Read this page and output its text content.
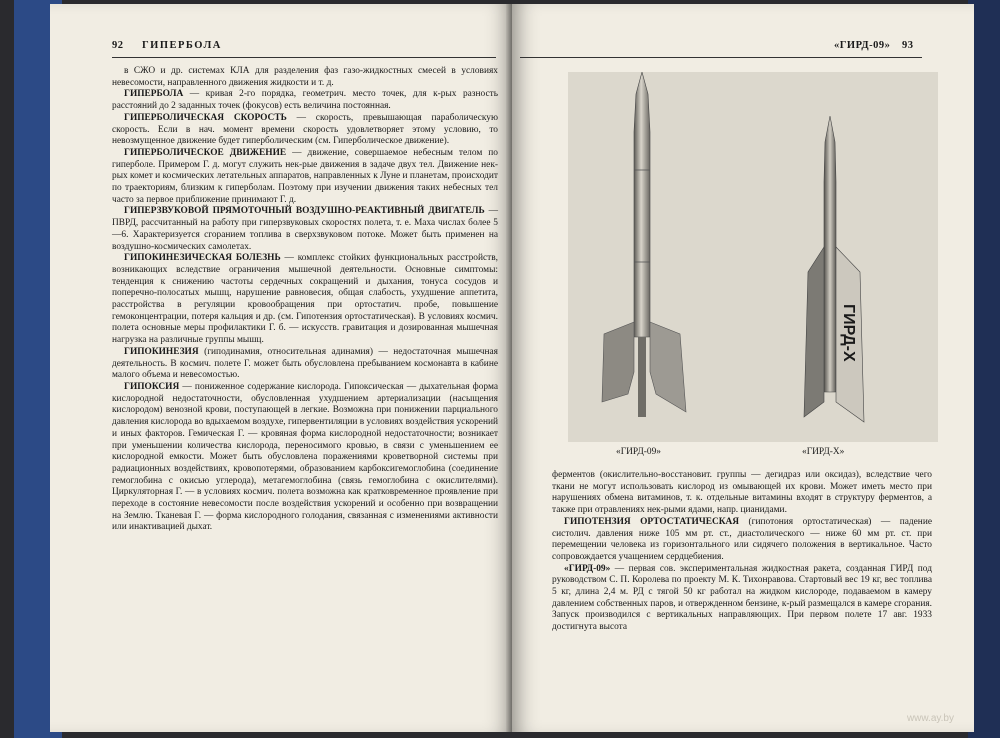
92 ГИПЕРБОЛА

в СЖО и др. системах КЛА для разделения фаз газо-жидкостных смесей в условиях невесомости, направленного движения жидкости и т. д.

ГИПЕРБОЛА — кривая 2-го порядка, геометрич. место точек, для к-рых разность расстояний до 2 заданных точек (фокусов) есть величина постоянная.

ГИПЕРБОЛИЧЕСКАЯ СКОРОСТЬ — скорость, превышающая параболическую скорость. Если в нач. момент времени скорость удовлетворяет этому условию, то невозмущенное движение будет гиперболическим (см. Гиперболическое движение).

ГИПЕРБОЛИЧЕСКОЕ ДВИЖЕНИЕ — движение, совершаемое небесным телом по гиперболе. Примером Г. д. могут служить нек-рые движения в задаче двух тел. Движение нек-рых комет и космических летательных аппаратов, направленных к Луне и планетам, происходит по траекториям, близким к гиперболам. Поэтому при изучении движения таких небесных тел часто за первое приближение принимают Г. д.

ГИПЕРЗВУКОВОЙ ПРЯМОТОЧНЫЙ ВОЗДУШНО-РЕАКТИВНЫЙ ДВИГАТЕЛЬ — ПВРД, рассчитанный на работу при гиперзвуковых скоростях полета, т. е. Маха числах более 5—6. Характеризуется сгоранием топлива в сверхзвуковом потоке. Может быть применен на воздушно-космических самолетах.

ГИПОКИНЕЗИЧЕСКАЯ БОЛЕЗНЬ — комплекс стойких функциональных расстройств, возникающих вследствие ограничения мышечной деятельности. Основные симптомы: тенденция к снижению частоты сердечных сокращений и дыхания, тонуса сосудов и поперечно-полосатых мышц, нарушение равновесия, общая слабость, ухудшение аппетита, расстройства в регуляции кровообращения при ортостатич. пробе, повышение гемоконцентрации, потеря кальция и др. (см. Гипотензия ортостатическая). В условиях космич. полета основные меры профилактики Г. б. — искусств. гравитация и дозированная мышечная нагрузка на различные группы мышц.

ГИПОКИНЕЗИЯ (гиподинамия, относительная адинамия) — недостаточная мышечная деятельность. В космич. полете Г. может быть обусловлена пребыванием космонавта в кабине малого объема и невесомостью.

ГИПОКСИЯ — пониженное содержание кислорода. Гипоксическая — дыхательная форма кислородной недостаточности, обусловленная ухудшением артериализации (насыщения кислородом) венозной крови, поступающей в легкие. Возможна при понижении парциального давления кислорода во вдыхаемом воздухе, гипервентиляции в условиях воздействия ускорений и иных факторов. Гемическая Г. — кровяная форма кислородной недостаточности; возникает при уменьшении количества кислорода, переносимого кровью, в связи с уменьшением ее кислородной емкости. Может быть обусловлена поражениями кроветворной системы при радиационных воздействиях, кровопотерями, образованием карбоксигемоглобина (соединение гемоглобина с окисью углерода), метагемоглобина (связь гемоглобина с окислителями). Циркуляторная Г. — в условиях космич. полета возможна как кратковременное проявление при переходе в состояние невесомости после воздействия ускорений и особенно при возвращении на Землю. Тканевая Г. — форма кислородного голодания, связанная с изменениями активности или инактивацией дыхат.

«ГИРД-09» 93
ГИРД-Х
«ГИРД-09»	«ГИРД-Х»

ферментов (окислительно-восстановит. группы — дегидраз или оксидаз), вследствие чего ткани не могут использовать кислород из омывающей их крови. Может иметь место при нарушениях обмена витаминов, т. к. отдельные витамины входят в структуру ферментов, а также при отравлениях нек-рыми ядами, напр. цианидами.

ГИПОТЕНЗИЯ ОРТОСТАТИЧЕСКАЯ (гипотония ортостатическая) — падение систолич. давления ниже 105 мм рт. ст., диастолического — ниже 60 мм рт. ст. при перемещении человека из горизонтального или сидячего положения в вертикальное. Часто сопровождается учащением сердцебиения.

«ГИРД-09» — первая сов. экспериментальная жидкостная ракета, созданная ГИРД под руководством С. П. Королева по проекту М. К. Тихонравова. Стартовый вес 19 кг, вес топлива 5 кг, длина 2,4 м. РД с тягой 50 кг работал на жидком кислороде, подаваемом в камеру давлением собственных паров, и отвержденном бензине, к-рый размещался в камере сгорания. Запуск производился с вертикальных направляющих. При первом полете 17 авг. 1933 достигнута высота

www.ay.by
